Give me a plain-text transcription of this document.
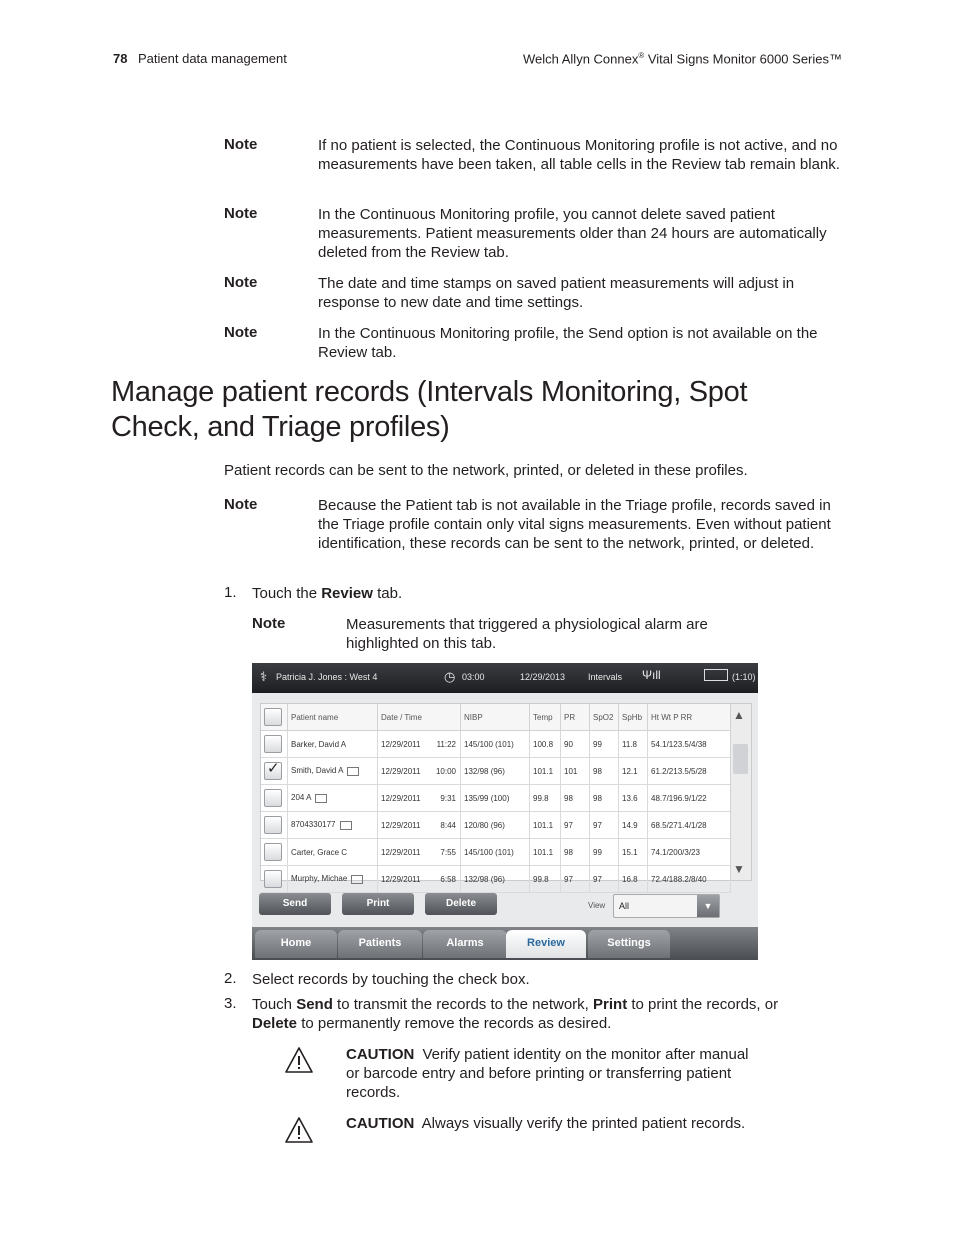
78 Patient data management	Welch Allyn Connex® Vital Signs Monitor 6000 Series™
Note	If no patient is selected, the Continuous Monitoring profile is not active, and no measurements have been taken, all table cells in the Review tab remain blank.
Note	In the Continuous Monitoring profile, you cannot delete saved patient measurements. Patient measurements older than 24 hours are automatically deleted from the Review tab.
Note	The date and time stamps on saved patient measurements will adjust in response to new date and time settings.
Note	In the Continuous Monitoring profile, the Send option is not available on the Review tab.
Manage patient records (Intervals Monitoring, Spot Check, and Triage profiles)
Patient records can be sent to the network, printed, or deleted in these profiles.
Note	Because the Patient tab is not available in the Triage profile, records saved in the Triage profile contain only vital signs measurements. Even without patient identification, these records can be sent to the network, printed, or deleted.
1. Touch the Review tab.
Note	Measurements that triggered a physiological alarm are highlighted on this tab.
⚕ Patricia J. Jones : West 4	◷ 03:00	12/29/2013	Intervals Ψıll	(1:10)
	Patient name	Date / Time	NIBP	Temp	PR	SpO2	SpHb	Ht Wt P RR

	Barker, David A	12/29/2011 11:22	145/100 (101)	100.8	90	99	11.8	54.1/123.5/4/38

✓	Smith, David A	12/29/2011 10:00	132/98 (96)	101.1	101	98	12.1	61.2/213.5/5/28

	204 A	12/29/2011 9:31	135/99 (100)	99.8	98	98	13.6	48.7/196.9/1/22

	8704330177	12/29/2011 8:44	120/80 (96)	101.1	97	97	14.9	68.5/271.4/1/28

	Carter, Grace C	12/29/2011 7:55	145/100 (101)	101.1	98	99	15.1	74.1/200/3/23

	Murphy, Michae	12/29/2011 6:58	132/98 (96)	99.8	97	97	16.8	72.4/188.2/8/40
▲
▼
Send	Print	Delete	View All	▼
Home	Patients	Alarms	Review	Settings
2. Select records by touching the check box.
3. Touch Send to transmit the records to the network, Print to print the records, or Delete to permanently remove the records as desired.
CAUTION Verify patient identity on the monitor after manual or barcode entry and before printing or transferring patient records.
CAUTION Always visually verify the printed patient records.
